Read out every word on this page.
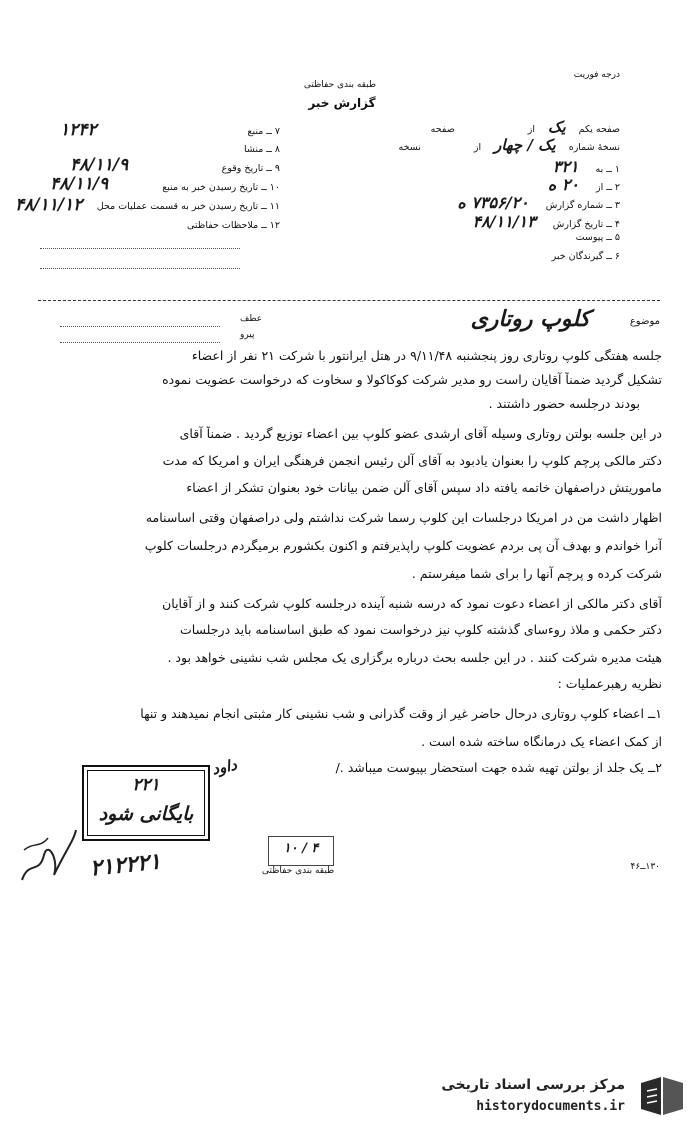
طبقه بندی حفاظتی
گزارش خبر
درجه فوریت
صفحه یکم یک از صفحه
نسخهٔ شماره یک / چهار از نسخه
۱ ــ به ۳۲۱
۲ ــ از ۲۰ ه
۳ ــ شماره گزارش ۷۳۵۶/۲۰ ه
۴ ــ تاریخ گزارش ۴۸/۱۱/۱۳
۵ ــ پیوست
۶ ــ گیرندگان خبر
۷ ــ منبع
۱۲۴۲
۸ ــ منشا
۹ ــ تاریخ وقوع
۴۸/۱۱/۹
۱۰ ــ تاریخ رسیدن خبر به منبع
۴۸/۱۱/۹
۱۱ ــ تاریخ رسیدن خبر به قسمت عملیات محل
۴۸/۱۱/۱۲
۱۲ ــ ملاحظات حفاظتی
موضوع
کلوپ روتاری
عطف
پیرو
جلسه هفتگی کلوپ روتاری روز پنجشنبه ۹/۱۱/۴۸ در هتل ایرانتور با شرکت ۲۱ نفر از اعضاء
تشکیل گردید ضمناً آقایان راست رو مدیر شرکت کوکاکولا و سخاوت که درخواست عضویت نموده
بودند درجلسه حضور داشتند .
در این جلسه بولتن روتاری وسیله آقای ارشدی عضو کلوپ بین اعضاء توزیع گردید . ضمناً آقای
دکتر مالکی پرچم کلوپ را بعنوان یادبود به آقای آلن رئیس انجمن فرهنگی ایران و امریکا که مدت
ماموریتش دراصفهان خاتمه یافته داد سپس آقای آلن ضمن بیانات خود بعنوان تشکر از اعضاء
اظهار داشت من در امریکا درجلسات این کلوپ رسما شرکت نداشتم ولی دراصفهان وقتی اساسنامه
آنرا خواندم و بهدف آن پی بردم عضویت کلوپ راپذیرفتم و اکنون بکشورم برمیگردم درجلسات کلوپ
شرکت کرده و پرچم آنها را برای شما میفرستم .
آقای دکتر مالکی از اعضاء دعوت نمود که درسه شنبه آینده درجلسه کلوپ شرکت کنند و از آقایان
دکتر حکمی و ملاذ روءسای گذشته کلوپ نیز درخواست نمود که طبق اساسنامه باید درجلسات
هیئت مدیره شرکت کنند . در این جلسه بحث درباره برگزاری یک مجلس شب نشینی خواهد بود .
نظریه رهبرعملیات :
۱ــ اعضاء کلوپ روتاری درحال حاضر غیر از وقت گذرانی و شب نشینی کار مثبتی انجام نمیدهند و تنها
از کمک اعضاء یک درمانگاه ساخته شده است .
۲ــ یک جلد از بولتن تهیه شده جهت استحضار بپیوست میباشد ./
۲۲۱
بایگانی شود
داود
۲۱۲۲۲۱	۱۰ / ۴
طبقه بندی حفاظتی	۱۳۰ــ۴۶
مرکز بررسی اسناد تاریخی
historydocuments.ir
